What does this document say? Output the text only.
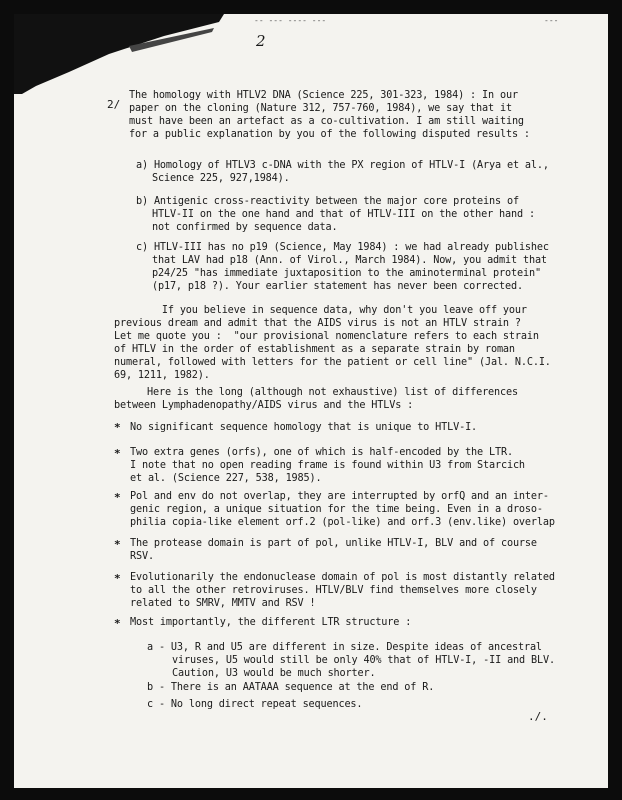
-- --- ---- ---	---
2
2/
The homology with HTLV2 DNA (Science 225, 301-323, 1984) : In our
paper on the cloning (Nature 312, 757-760, 1984), we say that it
must have been an artefact as a co-cultivation. I am still waiting
for a public explanation by you of the following disputed results :
a) Homology of HTLV3 c-DNA with the PX region of HTLV-I (Arya et al.,
Science 225, 927,1984).
b) Antigenic cross-reactivity between the major core proteins of
HTLV-II on the one hand and that of HTLV-III on the other hand :
not confirmed by sequence data.
c) HTLV-III has no p19 (Science, May 1984) : we had already publishec
that LAV had p18 (Ann. of Virol., March 1984). Now, you admit that
p24/25 "has immediate juxtaposition to the aminoterminal protein"
(p17, p18 ?). Your earlier statement has never been corrected.
If you believe in sequence data, why don't you leave off your
previous dream and admit that the AIDS virus is not an HTLV strain ?
Let me quote you :  "our provisional nomenclature refers to each strain
of HTLV in the order of establishment as a separate strain by roman
numeral, followed with letters for the patient or cell line" (Jal. N.C.I.
69, 1211, 1982).
Here is the long (although not exhaustive) list of differences
between Lymphadenopathy/AIDS virus and the HTLVs :
* No significant sequence homology that is unique to HTLV-I.
* Two extra genes (orfs), one of which is half-encoded by the LTR.
I note that no open reading frame is found within U3 from Starcich
et al. (Science 227, 538, 1985).
* Pol and env do not overlap, they are interrupted by orfQ and an inter-
genic region, a unique situation for the time being. Even in a droso-
philia copia-like element orf.2 (pol-like) and orf.3 (env.like) overlap
* The protease domain is part of pol, unlike HTLV-I, BLV and of course
RSV.
* Evolutionarily the endonuclease domain of pol is most distantly related
to all the other retroviruses. HTLV/BLV find themselves more closely
related to SMRV, MMTV and RSV !
* Most importantly, the different LTR structure :
a - U3, R and U5 are different in size. Despite ideas of ancestral
viruses, U5 would still be only 40% that of HTLV-I, -II and BLV.
Caution, U3 would be much shorter.
b - There is an AATAAA sequence at the end of R.
c - No long direct repeat sequences.
./.
